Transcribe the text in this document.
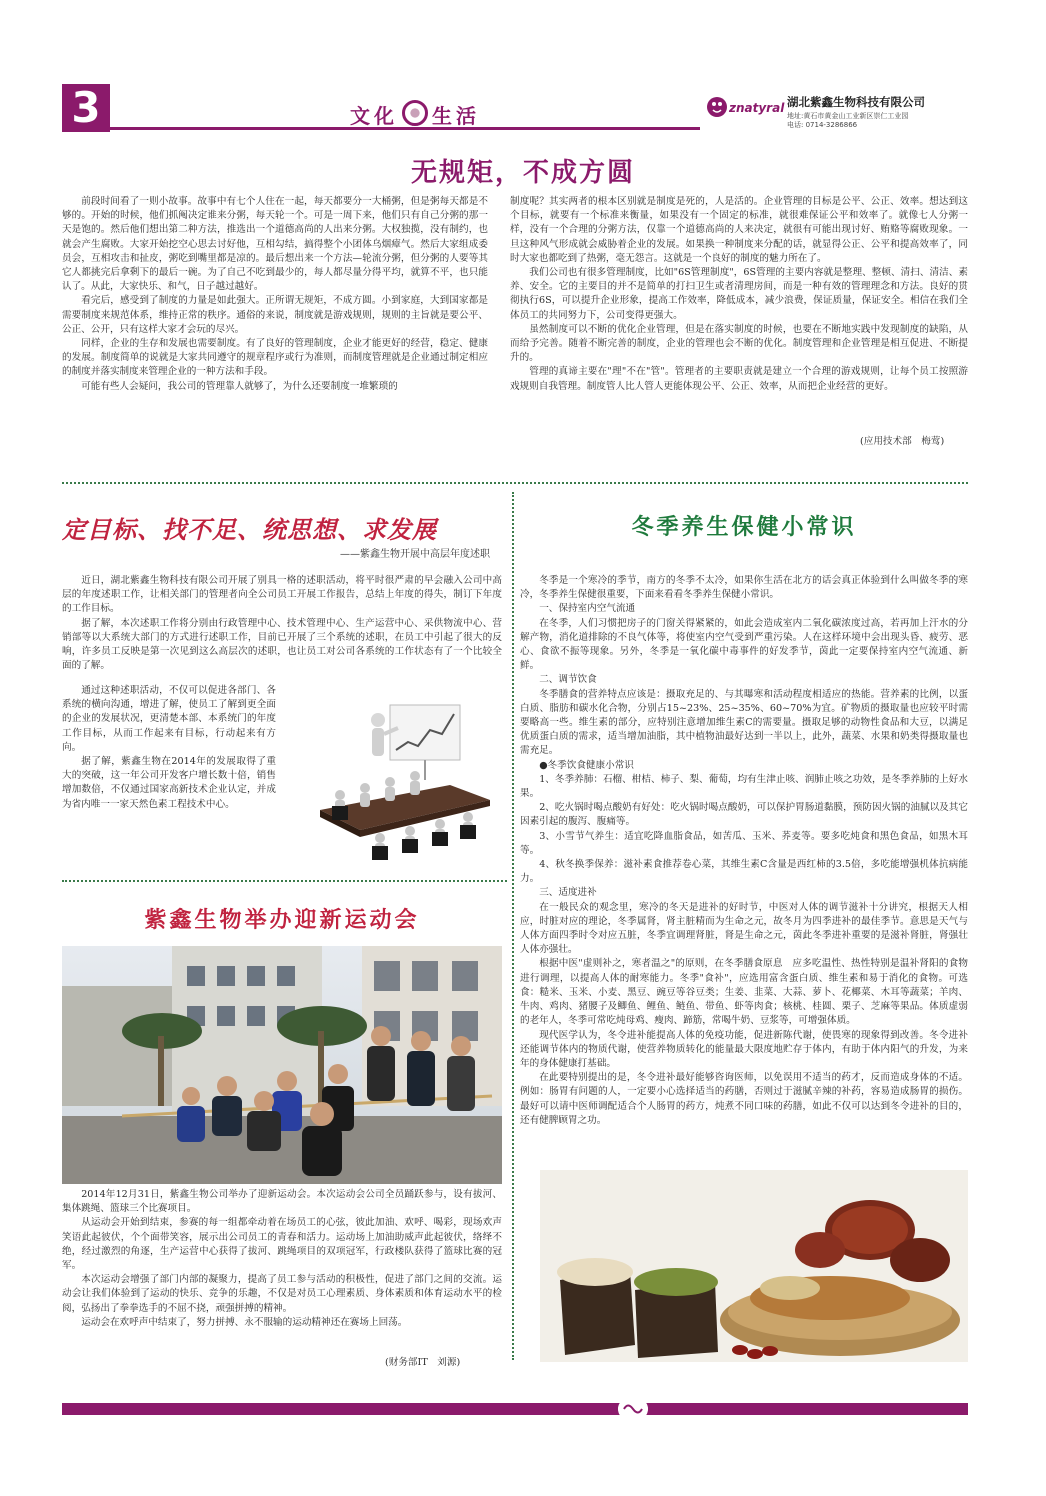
3	文化 生活	znatyral 湖北紫鑫生物科技有限公司
地址:黄石市黄金山工业新区崇仁工业园
电话: 0714-3286866
无规矩，不成方圆

前段时间看了一则小故事。故事中有七个人住在一起，每天都要分一大桶粥，但是粥每天都是不够的。开始的时候，他们抓阄决定谁来分粥，每天轮一个。可是一周下来，他们只有自己分粥的那一天是饱的。然后他们想出第二种方法，推选出一个道德高尚的人出来分粥。大权独揽，没有制约，也就会产生腐败。大家开始挖空心思去讨好他，互相勾结，搞得整个小团体乌烟瘴气。然后大家组成委员会，互相攻击和扯皮，粥吃到嘴里都是凉的。最后想出来一个方法—轮流分粥，但分粥的人要等其它人都挑完后拿剩下的最后一碗。为了自己不吃到最少的，每人都尽量分得平均，就算不平，也只能认了。从此，大家快乐、和气，日子越过越好。

看完后，感受到了制度的力量是如此强大。正所谓无规矩，不成方圆。小到家庭，大到国家都是需要制度来规范体系，维持正常的秩序。通俗的来说，制度就是游戏规则，规则的主旨就是要公平、公正、公开，只有这样大家才会玩的尽兴。

同样，企业的生存和发展也需要制度。有了良好的管理制度，企业才能更好的经营，稳定、健康的发展。制度简单的说就是大家共同遵守的规章程序或行为准则，而制度管理就是企业通过制定相应的制度并落实制度来管理企业的一种方法和手段。

可能有些人会疑问，我公司的管理靠人就够了，为什么还要制度一堆繁琐的

制度呢？其实两者的根本区别就是制度是死的，人是活的。企业管理的目标是公平、公正、效率。想达到这个目标，就要有一个标准来衡量，如果没有一个固定的标准，就很难保证公平和效率了。就像七人分粥一样，没有一个合理的分粥方法，仅靠一个道德高尚的人来决定，就很有可能出现讨好、贿赂等腐败现象。一旦这种风气形成就会威胁着企业的发展。如果换一种制度来分配的话，就显得公正、公平和提高效率了，同时大家也都吃到了热粥，毫无怨言。这就是一个良好的制度的魅力所在了。

我们公司也有很多管理制度，比如"6S管理制度"，6S管理的主要内容就是整理、整顿、清扫、清洁、素养、安全。它的主要目的并不是简单的打扫卫生或者清理房间，而是一种有效的管理理念和方法。良好的贯彻执行6S，可以提升企业形象，提高工作效率，降低成本，减少浪费，保证质量，保证安全。相信在我们全体员工的共同努力下，公司变得更强大。

虽然制度可以不断的优化企业管理，但是在落实制度的时候，也要在不断地实践中发现制度的缺陷，从而给予完善。随着不断完善的制度，企业的管理也会不断的优化。制度管理和企业管理是相互促进、不断提升的。

管理的真谛主要在"理"不在"管"。管理者的主要职责就是建立一个合理的游戏规则，让每个员工按照游戏规则自我管理。制度管人比人管人更能体现公平、公正、效率，从而把企业经营的更好。

(应用技术部　梅莺)
定目标、找不足、统思想、求发展
——紫鑫生物开展中高层年度述职

近日，湖北紫鑫生物科技有限公司开展了别具一格的述职活动，将平时很严肃的早会融入公司中高层的年度述职工作，让相关部门的管理者向全公司员工开展工作报告，总结上年度的得失，制订下年度的工作目标。

据了解，本次述职工作将分别由行政管理中心、技术管理中心、生产运营中心、采供物流中心、营销部等以大系统大部门的方式进行述职工作，目前已开展了三个系统的述职，在员工中引起了很大的反响，许多员工反映是第一次见到这么高层次的述职，也让员工对公司各系统的工作状态有了一个比较全面的了解。

通过这种述职活动，不仅可以促进各部门、各系统的横向沟通，增进了解，使员工了解到更全面的企业的发展状况，更清楚本部、本系统门的年度工作目标，从而工作起来有目标，行动起来有方向。

据了解，紫鑫生物在2014年的发展取得了重大的突破，这一年公司开发客户增长数十倍，销售增加数倍，不仅通过国家高新技术企业认定，并成为省内唯一一家天然色素工程技术中心。

紫鑫生物举办迎新运动会

2014年12月31日，紫鑫生物公司举办了迎新运动会。本次运动会公司全员踊跃参与，设有拔河、集体跳绳、篮球三个比赛项目。

从运动会开始到结束，参赛的每一组都牵动着在场员工的心弦，彼此加油、欢呼、喝彩，现场欢声笑语此起彼伏，个个面带笑容，展示出公司员工的青春和活力。运动场上加油助威声此起彼伏，络绎不绝，经过激烈的角逐，生产运营中心获得了拔河、跳绳项目的双项冠军，行政楼队获得了篮球比赛的冠军。

本次运动会增强了部门内部的凝聚力，提高了员工参与活动的积极性，促进了部门之间的交流。运动会让我们体验到了运动的快乐、竞争的乐趣，不仅是对员工心理素质、身体素质和体育运动水平的检阅，弘扬出了拳拳选手的不屈不挠，顽强拼搏的精神。

运动会在欢呼声中结束了，努力拼搏、永不服输的运动精神还在赛场上回荡。

(财务部IT　刘源)
冬季养生保健小常识

冬季是一个寒冷的季节，南方的冬季不太冷，如果你生活在北方的话会真正体验到什么叫做冬季的寒冷，冬季养生保健很重要，下面来看看冬季养生保健小常识。

一、保持室内空气流通

在冬季，人们习惯把房子的门窗关得紧紧的，如此会造成室内二氧化碳浓度过高，若再加上汗水的分解产物，消化道排除的不良气体等，将使室内空气受到严重污染。人在这样环境中会出现头昏、疲劳、恶心、食欲不振等现象。另外，冬季是一氧化碳中毒事件的好发季节，茵此一定要保持室内空气流通、新鲜。

二、调节饮食

冬季膳食的营养特点应该是：摄取充足的、与其曝寒和活动程度相适应的热能。营养素的比例，以蛋白质、脂肪和碳水化合物，分别占15~23%、25~35%、60~70%为宜。矿物质的摄取量也应较平时需要略高一些。维生素的部分，应特别注意增加维生素C的需要量。摄取足够的动物性食品和大豆，以满足优质蛋白质的需求，适当增加油脂，其中植物油最好达到一半以上，此外，蔬菜、水果和奶类得摄取量也需充足。

●冬季饮食健康小常识

1、冬季养肺：石榴、柑桔、柿子、梨、葡萄，均有生津止咳、润肺止咳之功效，是冬季养肺的上好水果。

2、吃火锅时喝点酸奶有好处：吃火锅时喝点酸奶，可以保护胃肠道黏膜，预防因火锅的油腻以及其它因素引起的腹泻、腹痛等。

3、小雪节气养生：适宜吃降血脂食品，如苦瓜、玉米、荞麦等。要多吃炖食和黑色食品，如黑木耳等。

4、秋冬换季保养：滋补素食推荐卷心菜，其维生素C含量是西红柿的3.5倍，多吃能增强机体抗病能力。

三、适度进补

在一般民众的观念里，寒冷的冬天是进补的好时节，中医对人体的调节滋补十分讲究，根据天人相应，时脏对应的理论，冬季属肾，肾主脏精而为生命之元，故冬月为四季进补的最佳季节。意思是天气与人体方面四季时令对应五脏，冬季宜调理肾脏，肾是生命之元，茵此冬季进补重要的是滋补肾脏，肾强壮人体亦强壮。

根据中医"虚则补之，寒者温之"的原则，在冬季膳食原息　应多吃温性、热性特别是温补肾阳的食物进行调理，以提高人体的耐寒能力。冬季"食补"，应选用富含蛋白质、维生素和易于消化的食物。可选食：糙米、玉米、小麦、黑豆、豌豆等谷豆类；生姜、韭菜、大蒜、萝卜、花椰菜、木耳等蔬菜；羊肉、牛肉、鸡肉、猪腰子及鲫鱼、鲤鱼、鲢鱼、带鱼、虾等肉食；核桃、桂圆、栗子、芝麻等果品。体质虚弱的老年人，冬季可常吃炖母鸡、瘦肉、蹄筋，常喝牛奶、豆浆等，可增强体质。

现代医学认为，冬令进补能提高人体的免疫功能，促进新陈代谢，使畏寒的现象得到改善。冬令进补还能调节体内的物质代谢，使营养物质转化的能量最大限度地贮存于体内，有助于体内阳气的升发，为来年的身体健康打基础。

在此要特别提出的是，冬令进补最好能够咨询医师，以免误用不适当的药才，反而造成身体的不适。例如：肠胃有问题的人，一定要小心选择适当的药膳，否则过于滋腻辛辣的补药，容易造成肠胃的损伤。最好可以请中医师调配适合个人肠胃的药方，炖煮不同口味的药膳，如此不仅可以达到冬令进补的目的，还有健脾顾胃之功。
